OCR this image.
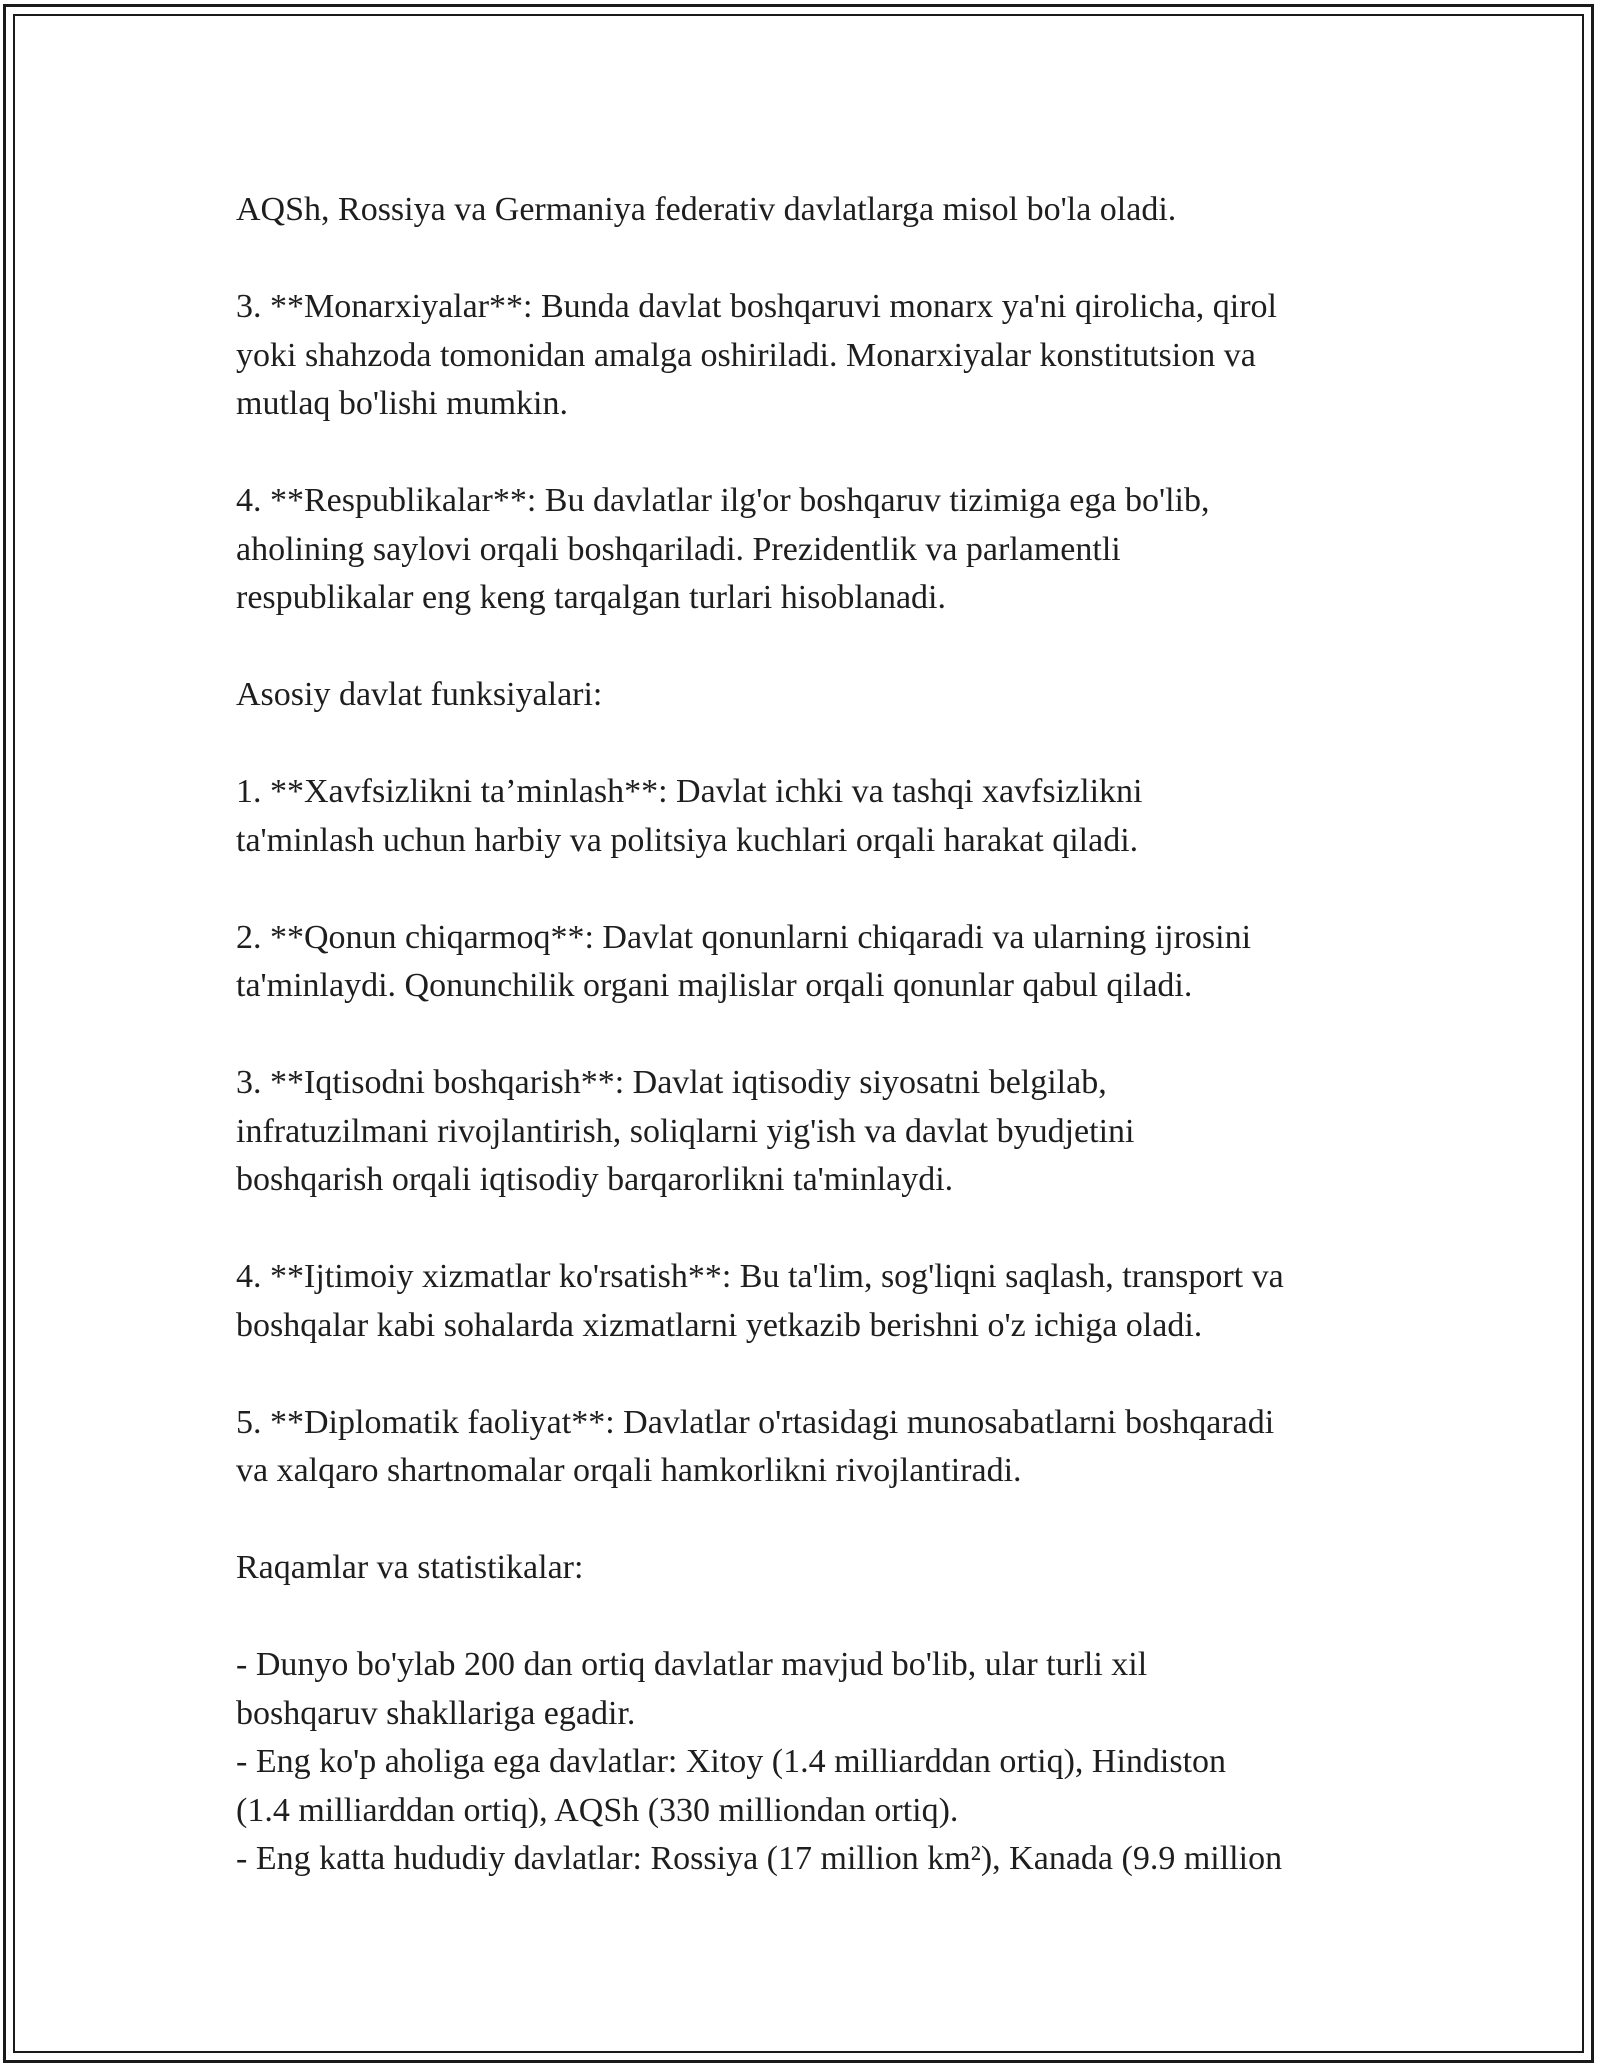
AQSh, Rossiya va Germaniya federativ davlatlarga misol bo'la oladi.
3. **Monarxiyalar**: Bunda davlat boshqaruvi monarx ya'ni qirolicha, qirol
yoki shahzoda tomonidan amalga oshiriladi. Monarxiyalar konstitutsion va
mutlaq bo'lishi mumkin.
4. **Respublikalar**: Bu davlatlar ilg'or boshqaruv tizimiga ega bo'lib,
aholining saylovi orqali boshqariladi. Prezidentlik va parlamentli
respublikalar eng keng tarqalgan turlari hisoblanadi.
Asosiy davlat funksiyalari:
1. **Xavfsizlikni ta’minlash**: Davlat ichki va tashqi xavfsizlikni
ta'minlash uchun harbiy va politsiya kuchlari orqali harakat qiladi.
2. **Qonun chiqarmoq**: Davlat qonunlarni chiqaradi va ularning ijrosini
ta'minlaydi. Qonunchilik organi majlislar orqali qonunlar qabul qiladi.
3. **Iqtisodni boshqarish**: Davlat iqtisodiy siyosatni belgilab,
infratuzilmani rivojlantirish, soliqlarni yig'ish va davlat byudjetini
boshqarish orqali iqtisodiy barqarorlikni ta'minlaydi.
4. **Ijtimoiy xizmatlar ko'rsatish**: Bu ta'lim, sog'liqni saqlash, transport va
boshqalar kabi sohalarda xizmatlarni yetkazib berishni o'z ichiga oladi.
5. **Diplomatik faoliyat**: Davlatlar o'rtasidagi munosabatlarni boshqaradi
va xalqaro shartnomalar orqali hamkorlikni rivojlantiradi.
Raqamlar va statistikalar:
- Dunyo bo'ylab 200 dan ortiq davlatlar mavjud bo'lib, ular turli xil
boshqaruv shakllariga egadir.
- Eng ko'p aholiga ega davlatlar: Xitoy (1.4 milliarddan ortiq), Hindiston
(1.4 milliarddan ortiq), AQSh (330 milliondan ortiq).
- Eng katta hududiy davlatlar: Rossiya (17 million km²), Kanada (9.9 million
